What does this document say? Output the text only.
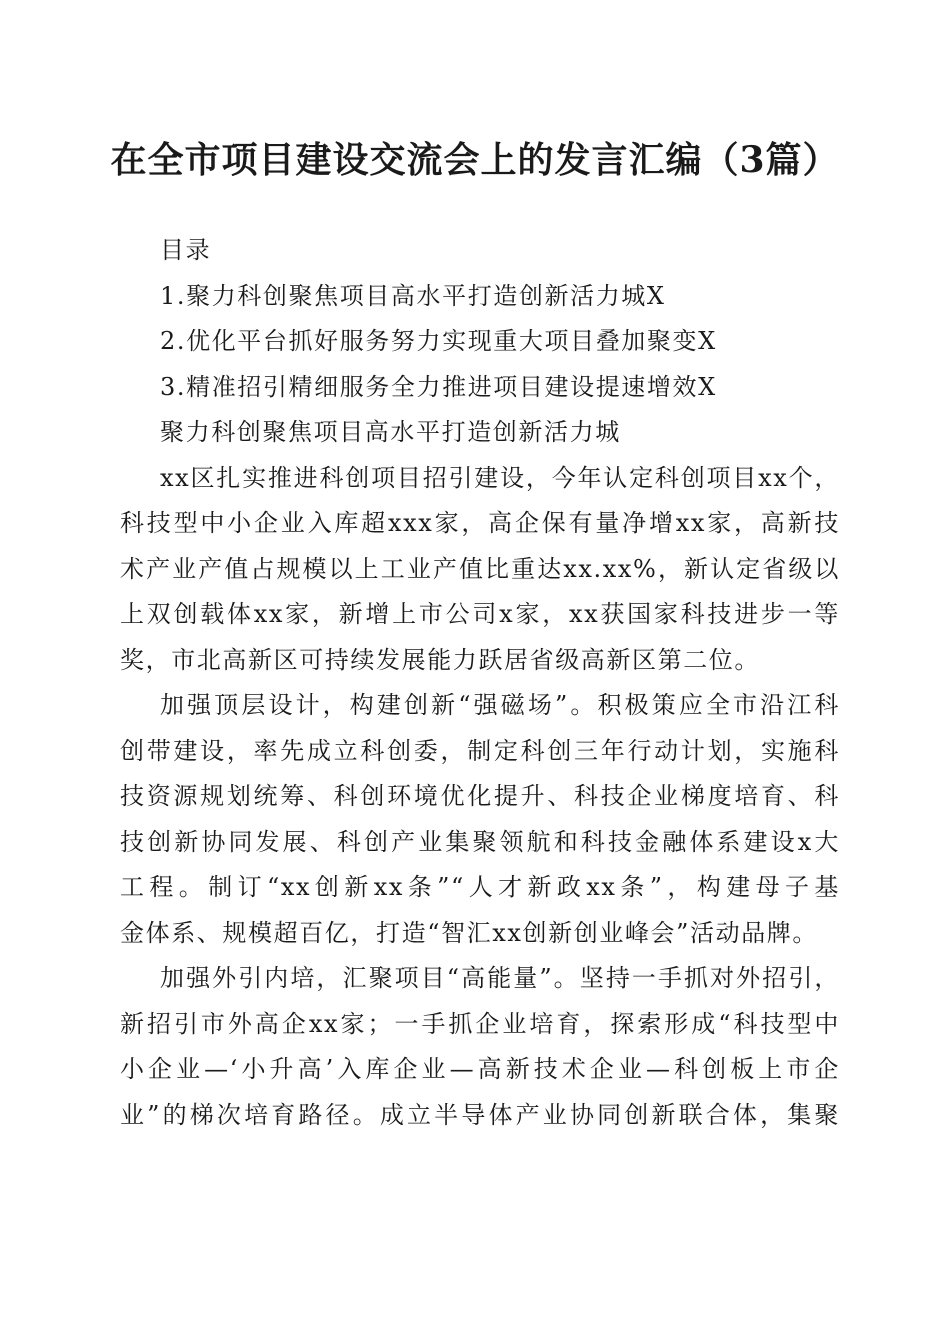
在全市项目建设交流会上的发言汇编（3篇）

目录

1.聚力科创聚焦项目高水平打造创新活力城X

2.优化平台抓好服务努力实现重大项目叠加聚变X

3.精准招引精细服务全力推进项目建设提速增效X

聚力科创聚焦项目高水平打造创新活力城

xx区扎实推进科创项目招引建设，今年认定科创项目xx个，

科技型中小企业入库超xxx家，高企保有量净增xx家，高新技

术产业产值占规模以上工业产值比重达xx.xx%，新认定省级以

上双创载体xx家，新增上市公司x家，xx获国家科技进步一等

奖，市北高新区可持续发展能力跃居省级高新区第二位。

加强顶层设计，构建创新“强磁场”。积极策应全市沿江科

创带建设，率先成立科创委，制定科创三年行动计划，实施科

技资源规划统筹、科创环境优化提升、科技企业梯度培育、科

技创新协同发展、科创产业集聚领航和科技金融体系建设x大

工程。制订“xx创新xx条”“人才新政xx条”，构建母子基

金体系、规模超百亿，打造“智汇xx创新创业峰会”活动品牌。

加强外引内培，汇聚项目“高能量”。坚持一手抓对外招引，

新招引市外高企xx家；一手抓企业培育，探索形成“科技型中

小企业—‘小升高’入库企业—高新技术企业—科创板上市企

业”的梯次培育路径。成立半导体产业协同创新联合体，集聚
